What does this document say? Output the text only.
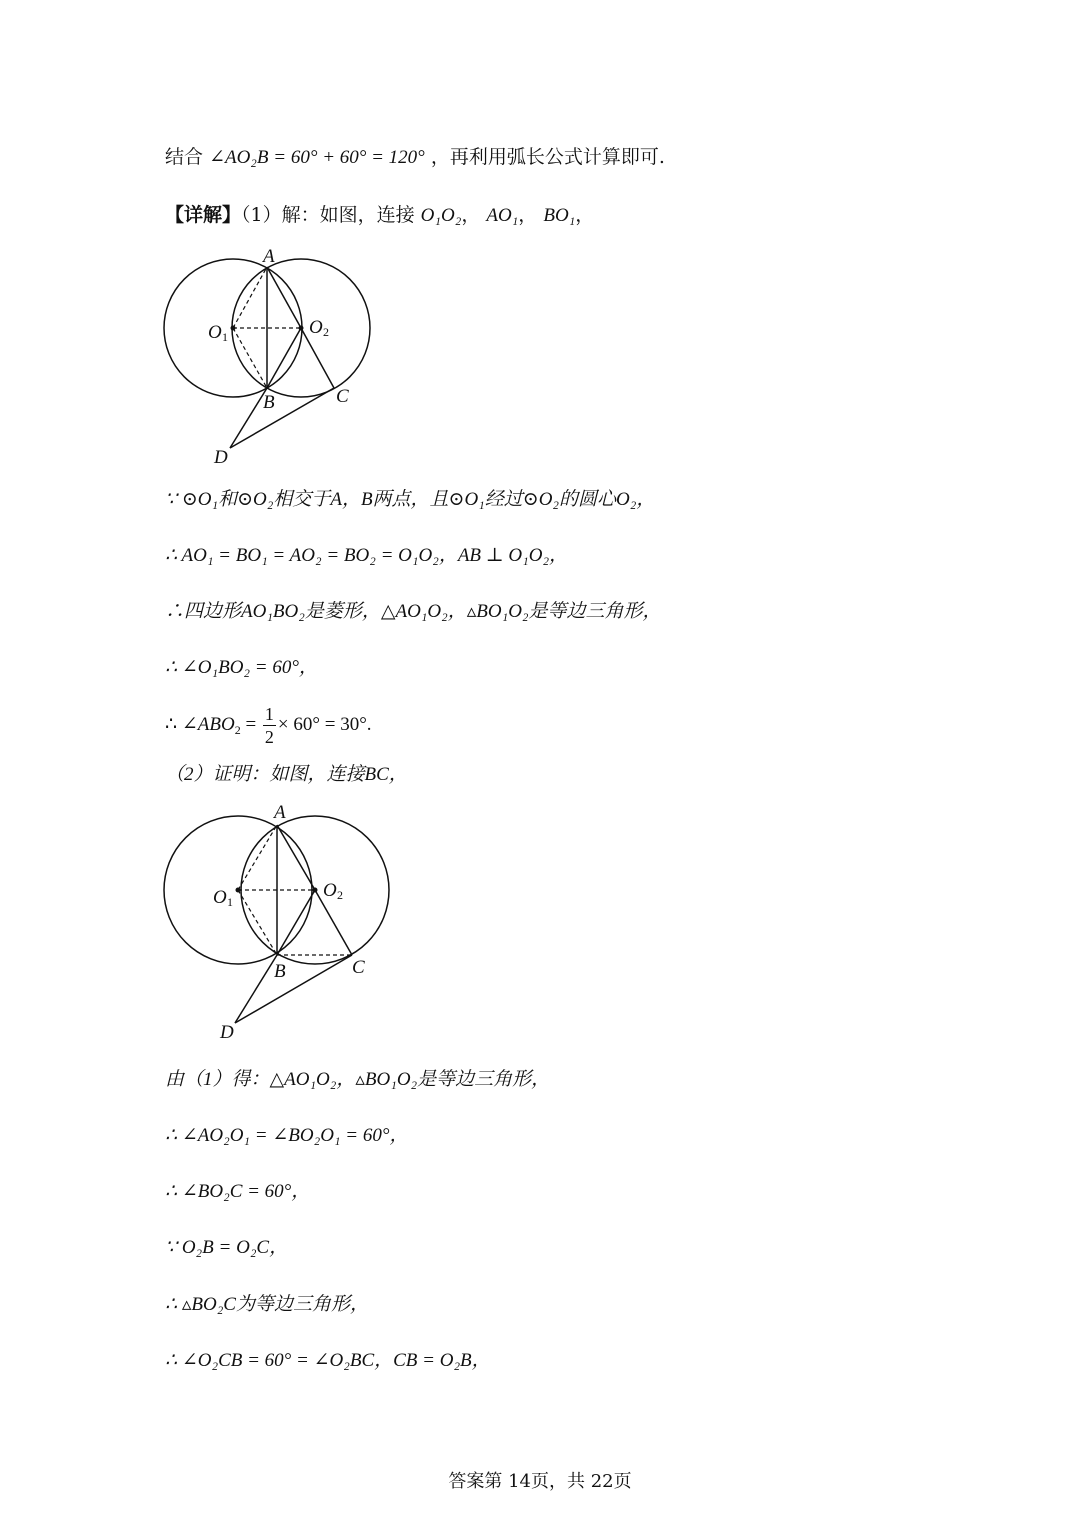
结合 ∠AO₂B = 60° + 60° = 120° ，再利用弧长公式计算即可.
【详解】（1）解：如图，连接 O₁O₂， AO₁， BO₁，
A
O 1	O 2
B	C
D
∵ ⊙O₁和⊙O₂相交于A，B两点，且⊙O₁经过⊙O₂的圆心O₂，
∴ AO₁ = BO₁ = AO₂ = BO₂ = O₁O₂，AB ⊥ O₁O₂，
∴四边形AO₁BO₂是菱形，△AO₁O₂，▵BO₁O₂是等边三角形，
∴ ∠O₁BO₂ = 60°，
∴ $\angle ABO_2 = \frac{1}{2} \times 60^\circ = 30^\circ$.
（2）证明：如图，连接BC，
A
O 1
O 2
B	C
D
由（1）得：△AO₁O₂，▵BO₁O₂是等边三角形，
∴ ∠AO₂O₁ = ∠BO₂O₁ = 60°，
∴ ∠BO₂C = 60°，
∵ O₂B = O₂C，
∴ ▵BO₂C为等边三角形，
∴ ∠O₂CB = 60° = ∠O₂BC，CB = O₂B，
答案第 14页，共 22页
